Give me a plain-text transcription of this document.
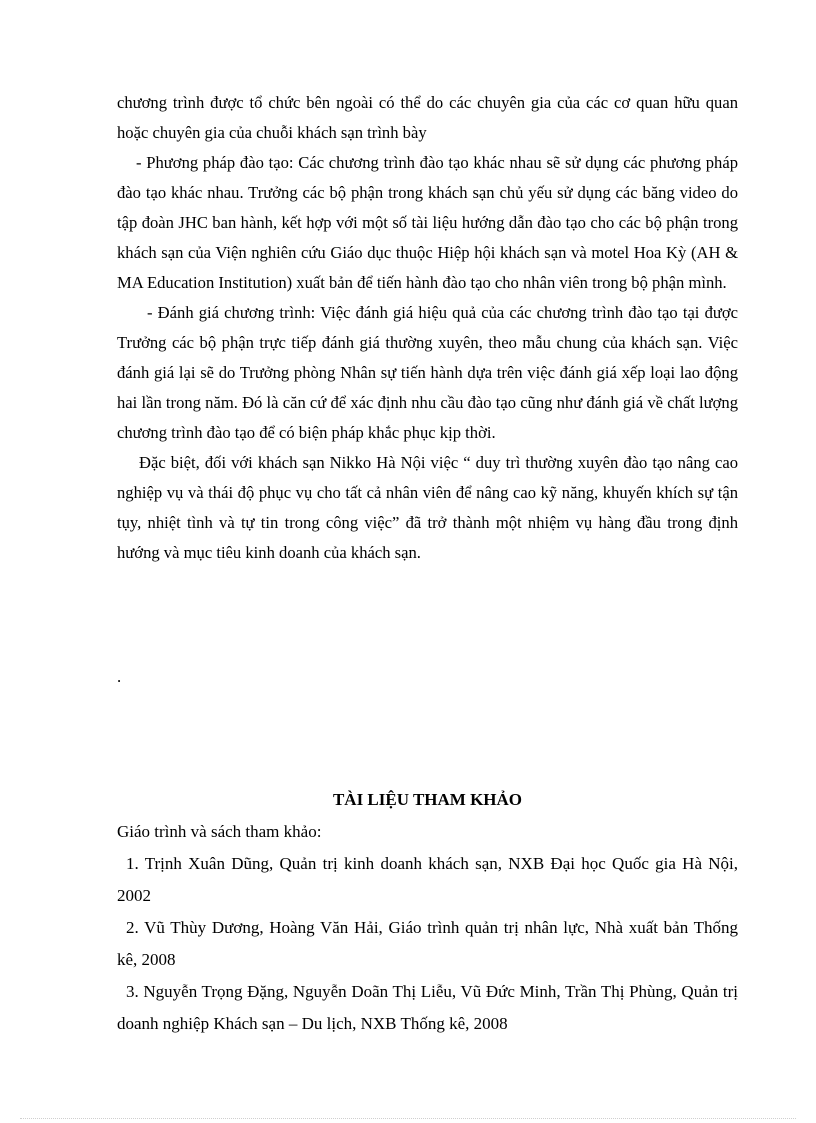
chương trình được tổ chức bên ngoài có thể do các chuyên gia của các cơ quan hữu quan hoặc chuyên gia của chuỗi khách sạn trình bày

- Phương pháp đào tạo: Các chương trình đào tạo khác nhau sẽ sử dụng các phương pháp đào tạo khác nhau. Trưởng các bộ phận trong khách sạn chủ yếu sử dụng các băng video do tập đoàn JHC ban hành, kết hợp với một số tài liệu hướng dẫn đào tạo cho các bộ phận trong khách sạn của Viện nghiên cứu Giáo dục thuộc Hiệp hội khách sạn và motel Hoa Kỳ (AH & MA Education Institution) xuất bản để tiến hành đào tạo cho nhân viên trong bộ phận mình.

- Đánh giá chương trình: Việc đánh giá hiệu quả của các chương trình đào tạo tại được Trưởng các bộ phận trực tiếp đánh giá thường xuyên, theo mẫu chung của khách sạn. Việc đánh giá lại sẽ do Trưởng phòng Nhân sự tiến hành dựa trên việc đánh giá xếp loại lao động hai lần trong năm. Đó là căn cứ để xác định nhu cầu đào tạo cũng như đánh giá về chất lượng chương trình đào tạo để có biện pháp khắc phục kịp thời.

Đặc biệt, đối với khách sạn Nikko Hà Nội việc “ duy trì thường xuyên đào tạo nâng cao nghiệp vụ và thái độ phục vụ cho tất cả nhân viên để nâng cao kỹ năng, khuyến khích sự tận tụy, nhiệt tình và tự tin trong công việc” đã trở thành một nhiệm vụ hàng đầu trong định hướng và mục tiêu kinh doanh của khách sạn.

.

TÀI LIỆU THAM KHẢO

Giáo trình và sách tham khảo:

1. Trịnh Xuân Dũng, Quản trị kinh doanh khách sạn, NXB Đại học Quốc gia Hà Nội, 2002

2. Vũ Thùy Dương, Hoàng Văn Hải, Giáo trình quản trị nhân lực, Nhà xuất bản Thống kê, 2008

3. Nguyễn Trọng Đặng, Nguyễn Doãn Thị Liễu, Vũ Đức Minh, Trần Thị Phùng, Quản trị doanh nghiệp Khách sạn – Du lịch, NXB Thống kê, 2008
